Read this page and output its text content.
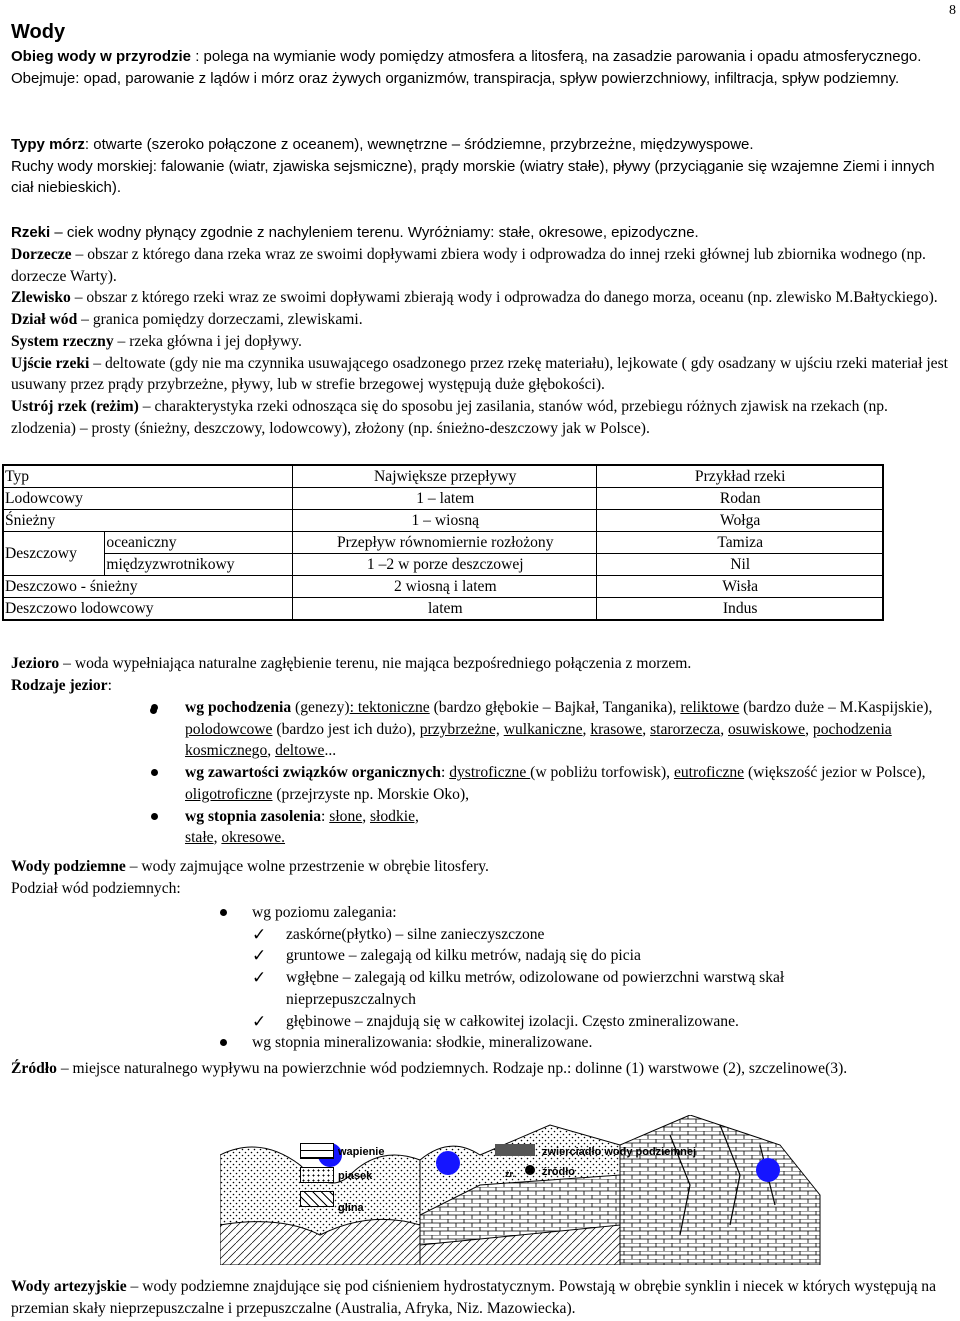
8
Wody
Obieg wody w przyrodzie : polega na wymianie wody pomiędzy atmosfera a litosferą, na zasadzie parowania i opadu atmosferycznego. Obejmuje: opad, parowanie z lądów i mórz oraz żywych organizmów, transpiracja, spływ powierzchniowy, infiltracja, spływ podziemny.
Typy mórz: otwarte (szeroko połączone z oceanem), wewnętrzne – śródziemne, przybrzeżne, międzywyspowe.
Ruchy wody morskiej: falowanie (wiatr, zjawiska sejsmiczne), prądy morskie (wiatry stałe), pływy (przyciąganie się wzajemne Ziemi i innych ciał niebieskich).
Rzeki – ciek wodny płynący zgodnie z nachyleniem terenu. Wyróżniamy: stałe, okresowe, epizodyczne.
Dorzecze – obszar z którego dana rzeka wraz ze swoimi dopływami zbiera wody i odprowadza do innej rzeki głównej lub zbiornika wodnego (np. dorzecze Warty).
Zlewisko – obszar z którego rzeki wraz ze swoimi dopływami zbierają wody i odprowadza do danego morza, oceanu (np. zlewisko M.Bałtyckiego).
Dział wód – granica pomiędzy dorzeczami, zlewiskami.
System rzeczny – rzeka główna i jej dopływy.
Ujście rzeki – deltowate (gdy nie ma czynnika usuwającego osadzonego przez rzekę materiału), lejkowate ( gdy osadzany w ujściu rzeki materiał jest usuwany przez prądy przybrzeżne, pływy, lub w strefie brzegowej występują duże głębokości).
Ustrój rzek (reżim) – charakterystyka rzeki odnosząca się do sposobu jej zasilania, stanów wód, przebiegu różnych zjawisk na rzekach (np. zlodzenia) – prosty (śnieżny, deszczowy, lodowcowy), złożony (np. śnieżno-deszczowy jak w Polsce).
Typ		Największe przepływy	Przykład rzeki
Lodowcowy		1 – latem	Rodan
Śnieżny		1 – wiosną	Wołga
Deszczowy	oceaniczny	Przepływ równomiernie rozłożony	Tamiza
	międzyzwrotnikowy	1 –2 w porze deszczowej	Nil
Deszczowo - śnieżny		2 wiosną i latem	Wisła
Deszczowo lodowcowy		latem	Indus
Jezioro – woda wypełniająca naturalne zagłębienie terenu, nie mająca bezpośredniego połączenia z morzem.
Rodzaje jezior:
wg pochodzenia (genezy): tektoniczne (bardzo głębokie – Bajkał, Tanganika), reliktowe (bardzo duże – M.Kaspijskie), polodowcowe (bardzo jest ich dużo), przybrzeżne, wulkaniczne, krasowe, starorzecza, osuwiskowe, pochodzenia kosmicznego, deltowe...
wg zawartości związków organicznych: dystroficzne (w pobliżu torfowisk), eutroficzne (większość jezior w Polsce), oligotroficzne (przejrzyste np. Morskie Oko),
wg stopnia zasolenia: słone, słodkie,
stałe, okresowe.
Wody podziemne – wody zajmujące wolne przestrzenie w obrębie litosfery.
Podział wód podziemnych:
wg poziomu zalegania:
✓ zaskórne(płytko) – silne zanieczyszczone
✓ gruntowe – zalegają od kilku metrów, nadają się do picia
✓ wgłębne – zalegają od kilku metrów, odizolowane od powierzchni warstwą skał
nieprzepuszczalnych
✓ głębinowe – znajdują się w całkowitej izolacji. Często zmineralizowane.
wg stopnia mineralizowania: słodkie, mineralizowane.
Źródło – miejsce naturalnego wypływu na powierzchnie wód podziemnych. Rodzaje np.: dolinne (1) warstwowe (2), szczelinowe(3).
wapienie
piasek
glina
zwierciadło wody podziemnej
żr. źródło
Wody artezyjskie – wody podziemne znajdujące się pod ciśnieniem hydrostatycznym. Powstają w obrębie synklin i niecek w których występują na przemian skały nieprzepuszczalne i przepuszczalne (Australia, Afryka, Niz. Mazowiecka).
